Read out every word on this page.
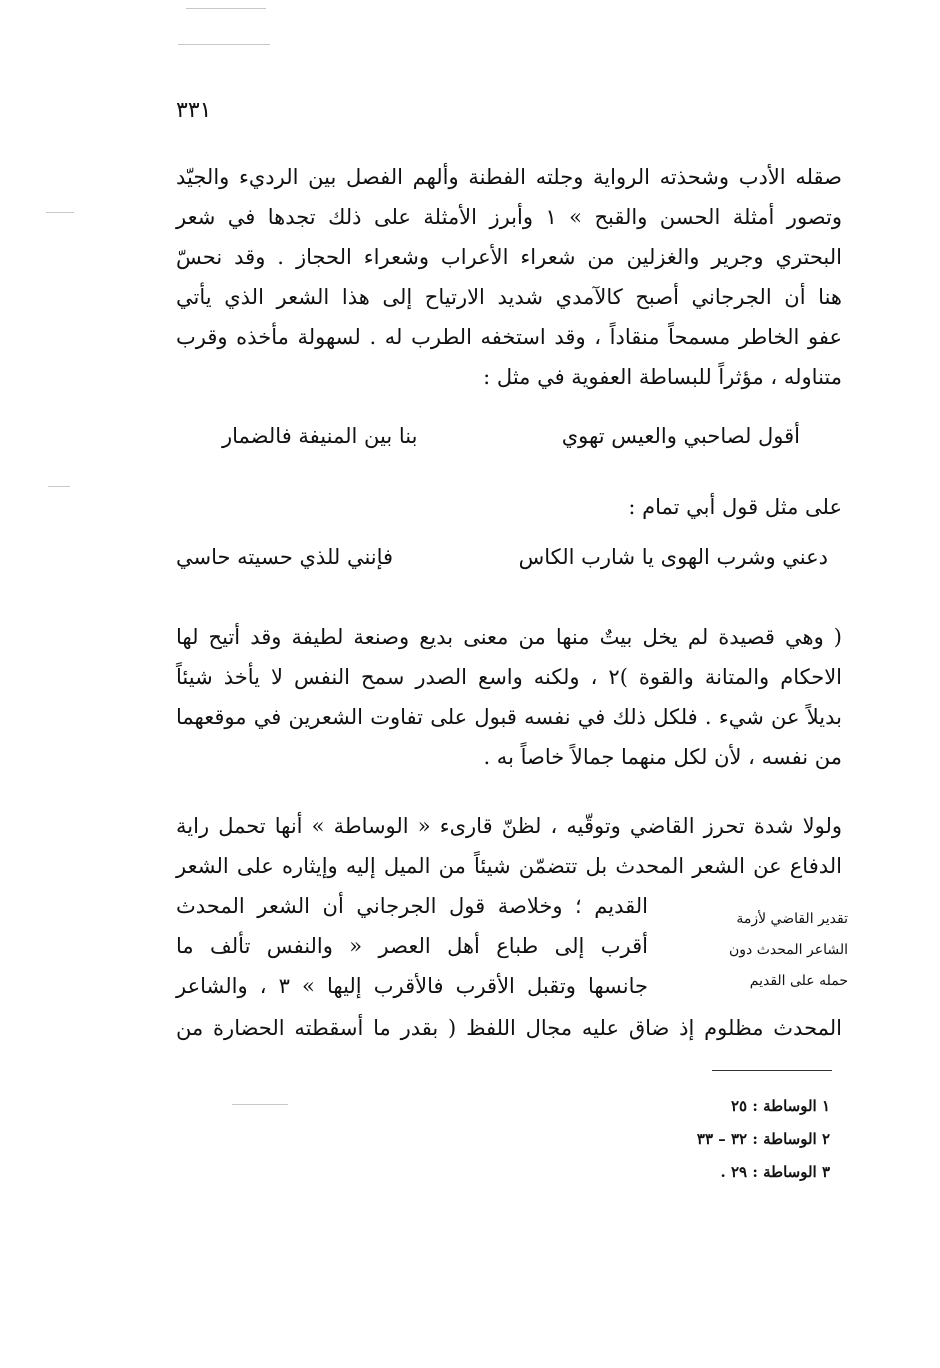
٣٣١
صقله الأدب وشحذته الرواية وجلته الفطنة وألهم الفصل بين الرديء والجيّد
وتصور أمثلة الحسن والقبح » ١ وأبرز الأمثلة على ذلك تجدها في شعر
البحتري وجرير والغزلين من شعراء الأعراب وشعراء الحجاز . وقد نحسّ
هنا أن الجرجاني أصبح كالآمدي شديد الارتياح إلى هذا الشعر الذي يأتي
عفو الخاطر مسمحاً منقاداً ، وقد استخفه الطرب له . لسهولة مأخذه وقرب
متناوله ، مؤثراً للبساطة العفوية في مثل :
أقول لصاحبي والعيس تهوي
بنا بين المنيفة فالضمار
على مثل قول أبي تمام :
دعني وشرب الهوى يا شارب الكاس
فإنني للذي حسيته حاسي
( وهي قصيدة لم يخل بيتٌ منها من معنى بديع وصنعة لطيفة وقد أتيح لها
الاحكام والمتانة والقوة )٢ ، ولكنه واسع الصدر سمح النفس لا يأخذ شيئاً
بديلاً عن شيء . فلكل ذلك في نفسه قبول على تفاوت الشعرين في موقعهما
من نفسه ، لأن لكل منهما جمالاً خاصاً به .
ولولا شدة تحرز القاضي وتوقّيه ، لظنّ قارىء « الوساطة » أنها تحمل راية
الدفاع عن الشعر المحدث بل تتضمّن شيئاً من الميل إليه وإيثاره على الشعر
القديم ؛ وخلاصة قول الجرجاني أن الشعر المحدث
أقرب إلى طباع أهل العصر « والنفس تألف ما
جانسها وتقبل الأقرب فالأقرب إليها » ٣ ، والشاعر
تقدير القاضي لأزمة
الشاعر المحدث دون
حمله على القديم
المحدث مظلوم إذ ضاق عليه مجال اللفظ ( بقدر ما أسقطته الحضارة من
١ الوساطة : ٢٥
٢ الوساطة : ٣٢ – ٣٣
٣ الوساطة : ٢٩ .
